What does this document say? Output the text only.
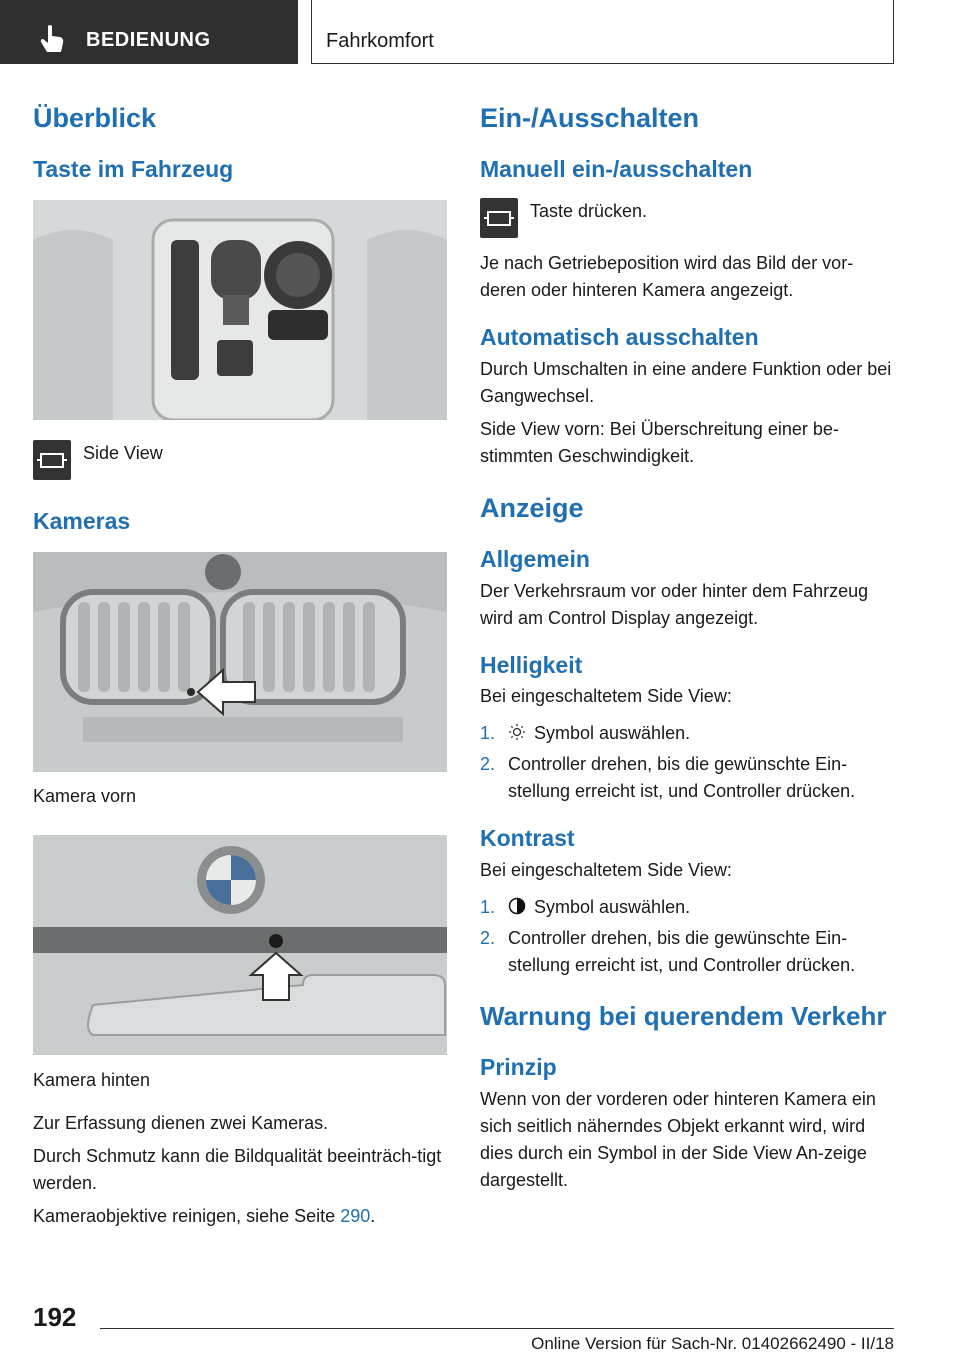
BEDIENUNG	Fahrkomfort
Überblick
Taste im Fahrzeug

Side View

Kameras

Kamera vorn

Kamera hinten

Zur Erfassung dienen zwei Kameras.

Durch Schmutz kann die Bildqualität beeinträch-tigt werden.

Kameraobjektive reinigen, siehe Seite 290.

Ein-/Ausschalten
Manuell ein-/ausschalten

Taste drücken.

Je nach Getriebeposition wird das Bild der vor-deren oder hinteren Kamera angezeigt.

Automatisch ausschalten

Durch Umschalten in eine andere Funktion oder bei Gangwechsel.

Side View vorn: Bei Überschreitung einer be-stimmten Geschwindigkeit.

Anzeige
Allgemein

Der Verkehrsraum vor oder hinter dem Fahrzeug wird am Control Display angezeigt.

Helligkeit

Bei eingeschaltetem Side View:

1.	Symbol auswählen.
2. Controller drehen, bis die gewünschte Ein-stellung erreicht ist, und Controller drücken.
Kontrast

Bei eingeschaltetem Side View:

1.	Symbol auswählen.
2. Controller drehen, bis die gewünschte Ein-stellung erreicht ist, und Controller drücken.
Warnung bei querendem Verkehr
Prinzip

Wenn von der vorderen oder hinteren Kamera ein sich seitlich näherndes Objekt erkannt wird, wird dies durch ein Symbol in der Side View An-zeige dargestellt.

192
Online Version für Sach-Nr. 01402662490 - II/18
